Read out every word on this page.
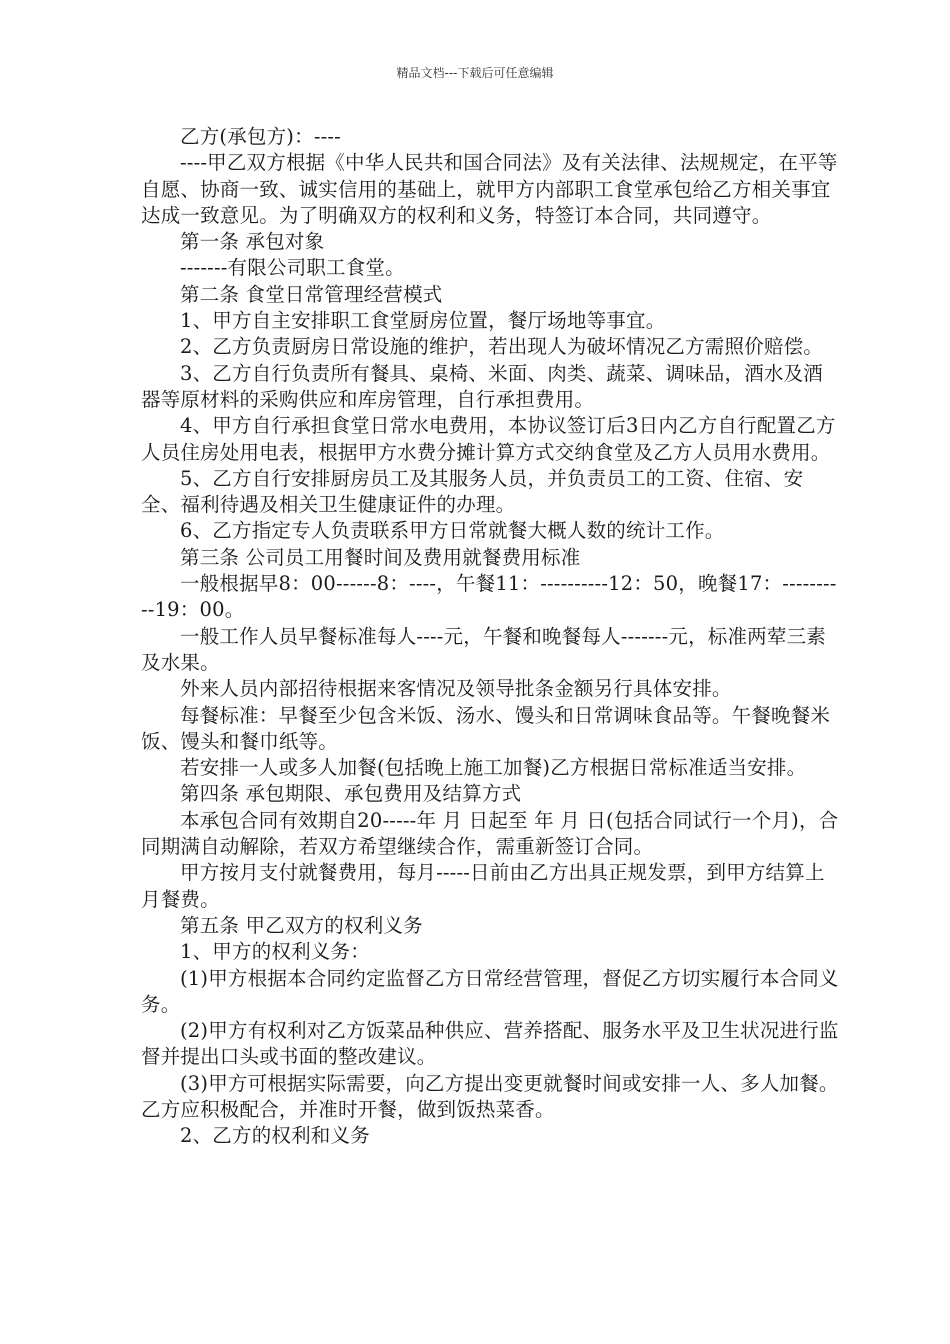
精品文档---下载后可任意编辑

乙方(承包方)：----

----甲乙双方根据《中华人民共和国合同法》及有关法律、法规规定，在平等自愿、协商一致、诚实信用的基础上，就甲方内部职工食堂承包给乙方相关事宜达成一致意见。为了明确双方的权利和义务，特签订本合同，共同遵守。

第一条 承包对象

-------有限公司职工食堂。

第二条 食堂日常管理经营模式

1、甲方自主安排职工食堂厨房位置，餐厅场地等事宜。

2、乙方负责厨房日常设施的维护，若出现人为破坏情况乙方需照价赔偿。

3、乙方自行负责所有餐具、桌椅、米面、肉类、蔬菜、调味品，酒水及酒器等原材料的采购供应和库房管理，自行承担费用。

4、甲方自行承担食堂日常水电费用，本协议签订后3日内乙方自行配置乙方人员住房处用电表，根据甲方水费分摊计算方式交纳食堂及乙方人员用水费用。

5、乙方自行安排厨房员工及其服务人员，并负责员工的工资、住宿、安全、福利待遇及相关卫生健康证件的办理。

6、乙方指定专人负责联系甲方日常就餐大概人数的统计工作。

第三条 公司员工用餐时间及费用就餐费用标准

一般根据早8：00------8：----，午餐11：----------12：50，晚餐17：----------19：00。

一般工作人员早餐标准每人----元，午餐和晚餐每人-------元，标准两荤三素及水果。

外来人员内部招待根据来客情况及领导批条金额另行具体安排。

每餐标准：早餐至少包含米饭、汤水、馒头和日常调味食品等。午餐晚餐米饭、馒头和餐巾纸等。

若安排一人或多人加餐(包括晚上施工加餐)乙方根据日常标准适当安排。

第四条 承包期限、承包费用及结算方式

本承包合同有效期自20-----年 月 日起至 年 月 日(包括合同试行一个月)，合同期满自动解除，若双方希望继续合作，需重新签订合同。

甲方按月支付就餐费用，每月-----日前由乙方出具正规发票，到甲方结算上月餐费。

第五条 甲乙双方的权利义务

1、甲方的权利义务：

(1)甲方根据本合同约定监督乙方日常经营管理，督促乙方切实履行本合同义务。

(2)甲方有权利对乙方饭菜品种供应、营养搭配、服务水平及卫生状况进行监督并提出口头或书面的整改建议。

(3)甲方可根据实际需要，向乙方提出变更就餐时间或安排一人、多人加餐。乙方应积极配合，并准时开餐，做到饭热菜香。

2、乙方的权利和义务
